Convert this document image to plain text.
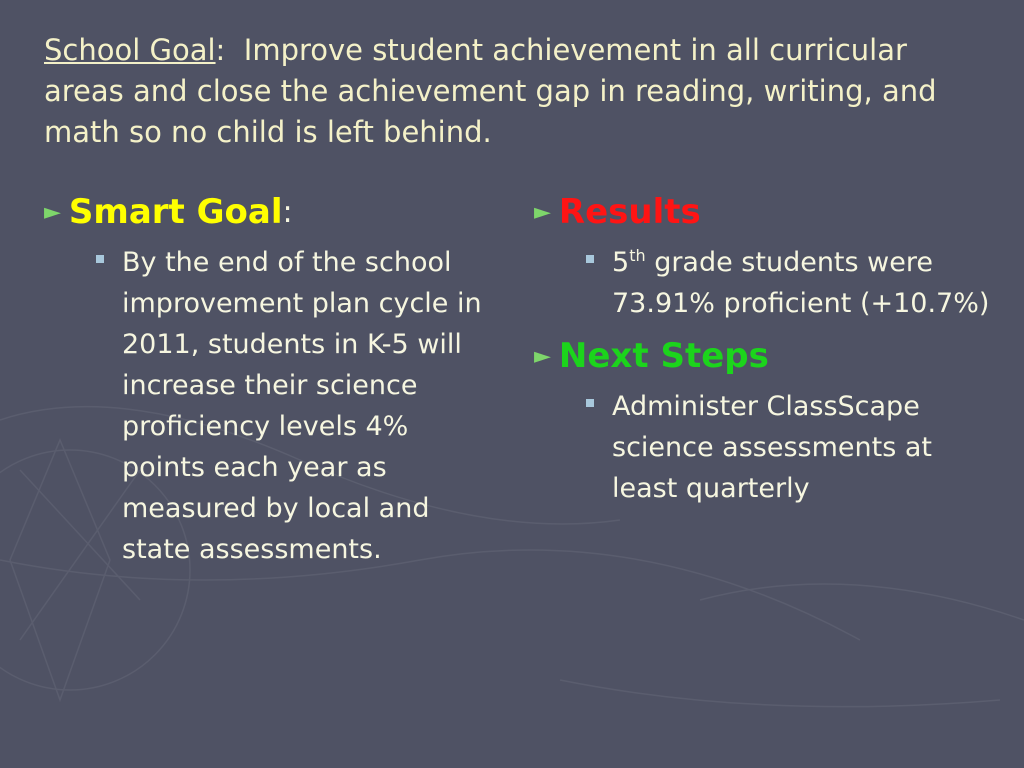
School Goal:  Improve student achievement in all curricular areas and close the achievement gap in reading, writing, and math so no child is left behind.
► Smart Goal :
By the end of the school improvement plan cycle in 2011, students in K-5 will increase their science proficiency levels 4% points each year as measured by local and state assessments.
► Results
5th grade students were 73.91% proficient (+10.7%)
► Next Steps
Administer ClassScape science assessments at least quarterly
